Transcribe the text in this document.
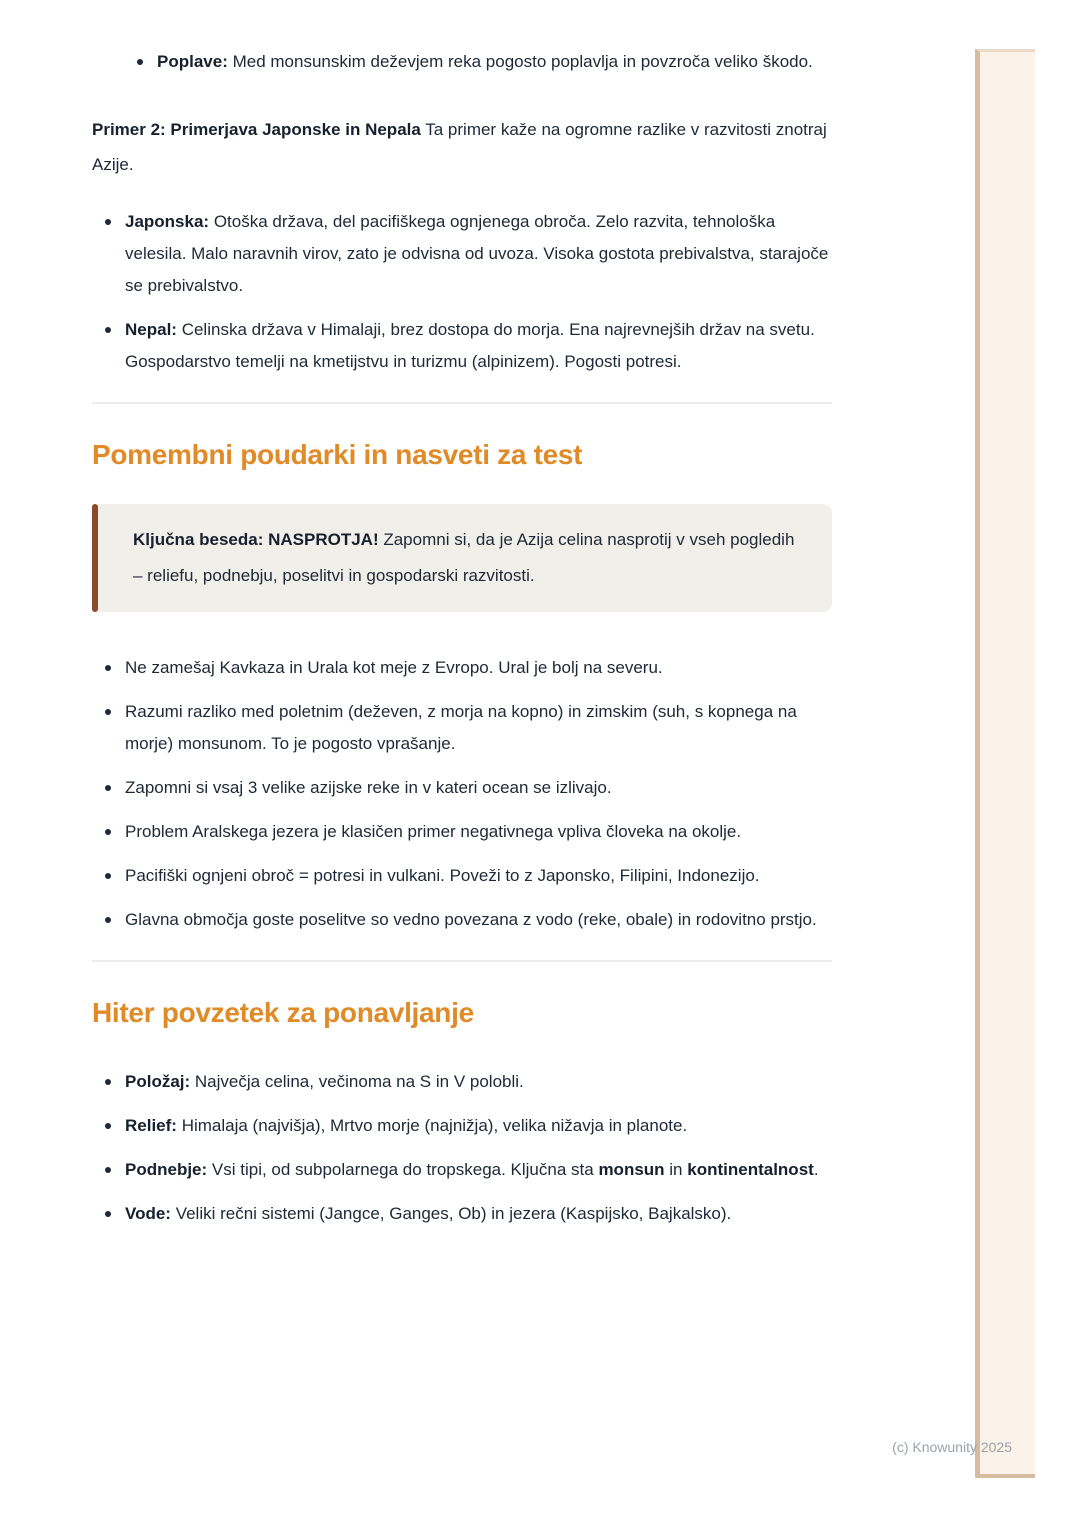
Poplave: Med monsunskim deževjem reka pogosto poplavlja in povzroča veliko škodo.

Primer 2: Primerjava Japonske in Nepala Ta primer kaže na ogromne razlike v razvitosti znotraj Azije.

Japonska: Otoška država, del pacifiškega ognjenega obroča. Zelo razvita, tehnološka velesila. Malo naravnih virov, zato je odvisna od uvoza. Visoka gostota prebivalstva, starajoče se prebivalstvo.
Nepal: Celinska država v Himalaji, brez dostopa do morja. Ena najrevnejših držav na svetu. Gospodarstvo temelji na kmetijstvu in turizmu (alpinizem). Pogosti potresi.
Pomembni poudarki in nasveti za test
Ključna beseda: NASPROTJA! Zapomni si, da je Azija celina nasprotij v vseh pogledih – reliefu, podnebju, poselitvi in gospodarski razvitosti.
Ne zamešaj Kavkaza in Urala kot meje z Evropo. Ural je bolj na severu.
Razumi razliko med poletnim (deževen, z morja na kopno) in zimskim (suh, s kopnega na morje) monsunom. To je pogosto vprašanje.
Zapomni si vsaj 3 velike azijske reke in v kateri ocean se izlivajo.
Problem Aralskega jezera je klasičen primer negativnega vpliva človeka na okolje.
Pacifiški ognjeni obroč = potresi in vulkani. Poveži to z Japonsko, Filipini, Indonezijo.
Glavna območja goste poselitve so vedno povezana z vodo (reke, obale) in rodovitno prstjo.
Hiter povzetek za ponavljanje
Položaj: Največja celina, večinoma na S in V polobli.
Relief: Himalaja (najvišja), Mrtvo morje (najnižja), velika nižavja in planote.
Podnebje: Vsi tipi, od subpolarnega do tropskega. Ključna sta monsun in kontinentalnost.
Vode: Veliki rečni sistemi (Jangce, Ganges, Ob) in jezera (Kaspijsko, Bajkalsko).
(c) Knowunity 2025
